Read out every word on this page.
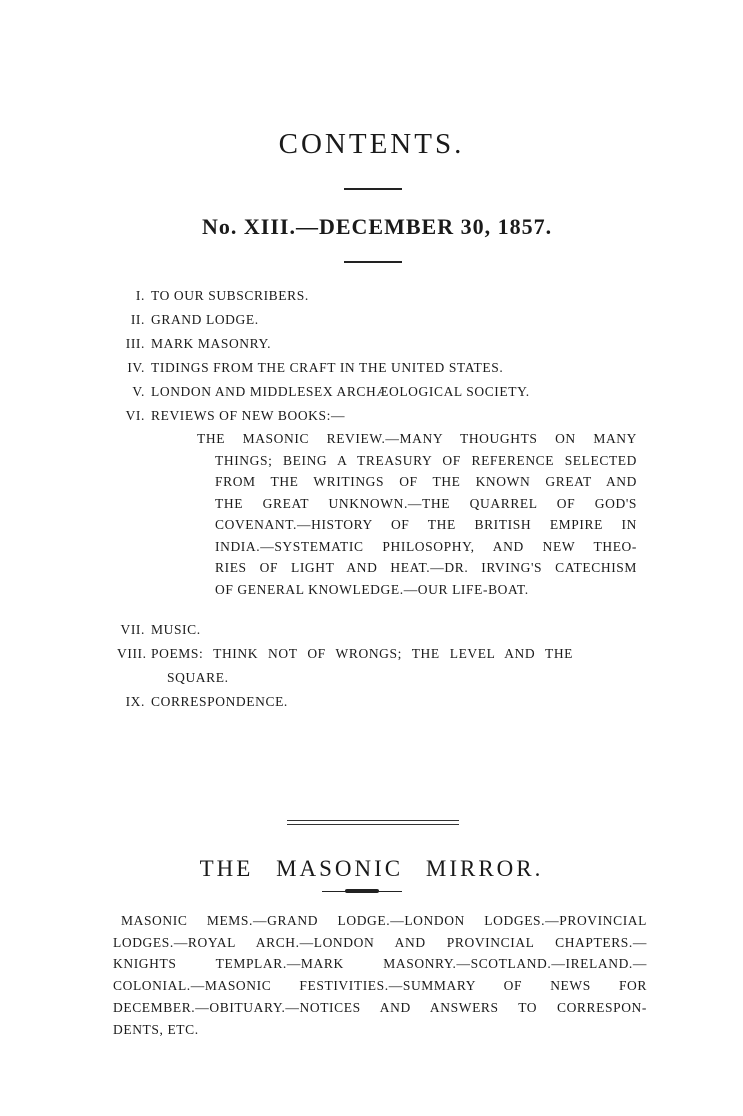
CONTENTS.
No. XIII.—DECEMBER 30, 1857.
I. TO OUR SUBSCRIBERS.
II. GRAND LODGE.
III. MARK MASONRY.
IV. TIDINGS FROM THE CRAFT IN THE UNITED STATES.
V. LONDON AND MIDDLESEX ARCHÆOLOGICAL SOCIETY.
VI. REVIEWS OF NEW BOOKS:—
THE MASONIC REVIEW.—MANY THOUGHTS ON MANY
THINGS; BEING A TREASURY OF REFERENCE SELECTED
FROM THE WRITINGS OF THE KNOWN GREAT AND
THE GREAT UNKNOWN.—THE QUARREL OF GOD'S
COVENANT.—HISTORY OF THE BRITISH EMPIRE IN
INDIA.—SYSTEMATIC PHILOSOPHY, AND NEW THEO-
RIES OF LIGHT AND HEAT.—DR. IRVING'S CATECHISM
OF GENERAL KNOWLEDGE.—OUR LIFE-BOAT.
VII. MUSIC.
VIII. POEMS: THINK NOT OF WRONGS; THE LEVEL AND THE
SQUARE.
IX. CORRESPONDENCE.
THE MASONIC MIRROR.
MASONIC MEMS.—GRAND LODGE.—LONDON LODGES.—PROVINCIAL
LODGES.—ROYAL ARCH.—LONDON AND PROVINCIAL CHAPTERS.—
KNIGHTS TEMPLAR.—MARK MASONRY.—SCOTLAND.—IRELAND.—
COLONIAL.—MASONIC FESTIVITIES.—SUMMARY OF NEWS FOR
DECEMBER.—OBITUARY.—NOTICES AND ANSWERS TO CORRESPON-
DENTS, ETC.
